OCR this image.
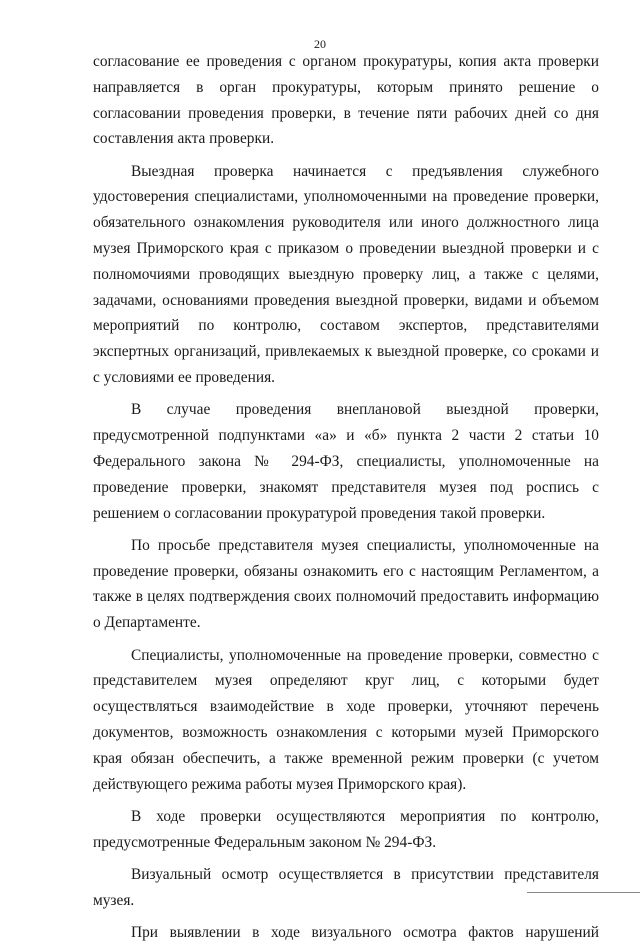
20

согласование ее проведения с органом прокуратуры, копия акта проверки направляется в орган прокуратуры, которым принято решение о согласовании проведения проверки, в течение пяти рабочих дней со дня составления акта проверки.

Выездная проверка начинается с предъявления служебного удостоверения специалистами, уполномоченными на проведение проверки, обязательного ознакомления руководителя или иного должностного лица музея Приморского края с приказом о проведении выездной проверки и с полномочиями проводящих выездную проверку лиц, а также с целями, задачами, основаниями проведения выездной проверки, видами и объемом мероприятий по контролю, составом экспертов, представителями экспертных организаций, привлекаемых к выездной проверке, со сроками и с условиями ее проведения.

В случае проведения внеплановой выездной проверки, предусмотренной подпунктами «а» и «б» пункта 2 части 2 статьи 10 Федерального закона № 294-ФЗ, специалисты, уполномоченные на проведение проверки, знакомят представителя музея под роспись с решением о согласовании прокуратурой проведения такой проверки.

По просьбе представителя музея специалисты, уполномоченные на проведение проверки, обязаны ознакомить его с настоящим Регламентом, а также в целях подтверждения своих полномочий предоставить информацию о Департаменте.

Специалисты, уполномоченные на проведение проверки, совместно с представителем музея определяют круг лиц, с которыми будет осуществляться взаимодействие в ходе проверки, уточняют перечень документов, возможность ознакомления с которыми музей Приморского края обязан обеспечить, а также временной режим проверки (с учетом действующего режима работы музея Приморского края).

В ходе проверки осуществляются мероприятия по контролю, предусмотренные Федеральным законом № 294-ФЗ.

Визуальный осмотр осуществляется в присутствии представителя музея.

При выявлении в ходе визуального осмотра фактов нарушений
